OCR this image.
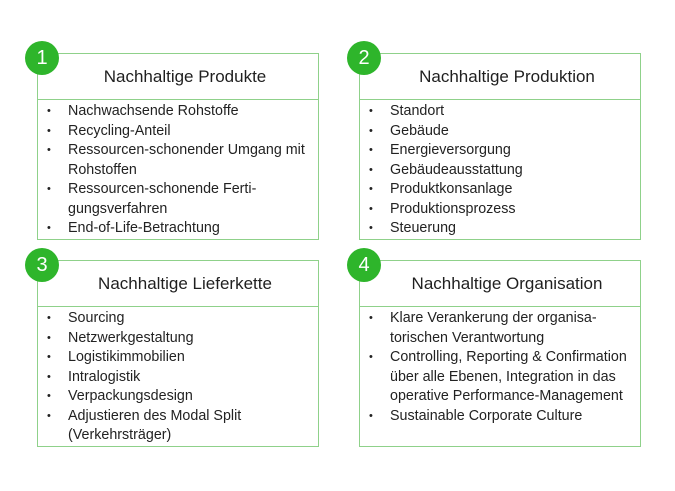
Nachhaltige Produkte
• Nachwachsende Rohstoffe
• Recycling-Anteil
• Ressourcen-schonender Umgang mit Rohstoffen
• Ressourcen-schonende Ferti-gungsverfahren
• End-of-Life-Betrachtung
1
Nachhaltige Produktion
• Standort
• Gebäude
• Energieversorgung
• Gebäudeausstattung
• Produktkonsanlage
• Produktionsprozess
• Steuerung
2
Nachhaltige Lieferkette
• Sourcing
• Netzwerkgestaltung
• Logistikimmobilien
• Intralogistik
• Verpackungsdesign
• Adjustieren des Modal Split (Verkehrsträger)
3
Nachhaltige Organisation
• Klare Verankerung der organisa-torischen Verantwortung
• Controlling, Reporting & Confirmation über alle Ebenen, Integration in das operative Performance-Management
• Sustainable Corporate Culture
4
